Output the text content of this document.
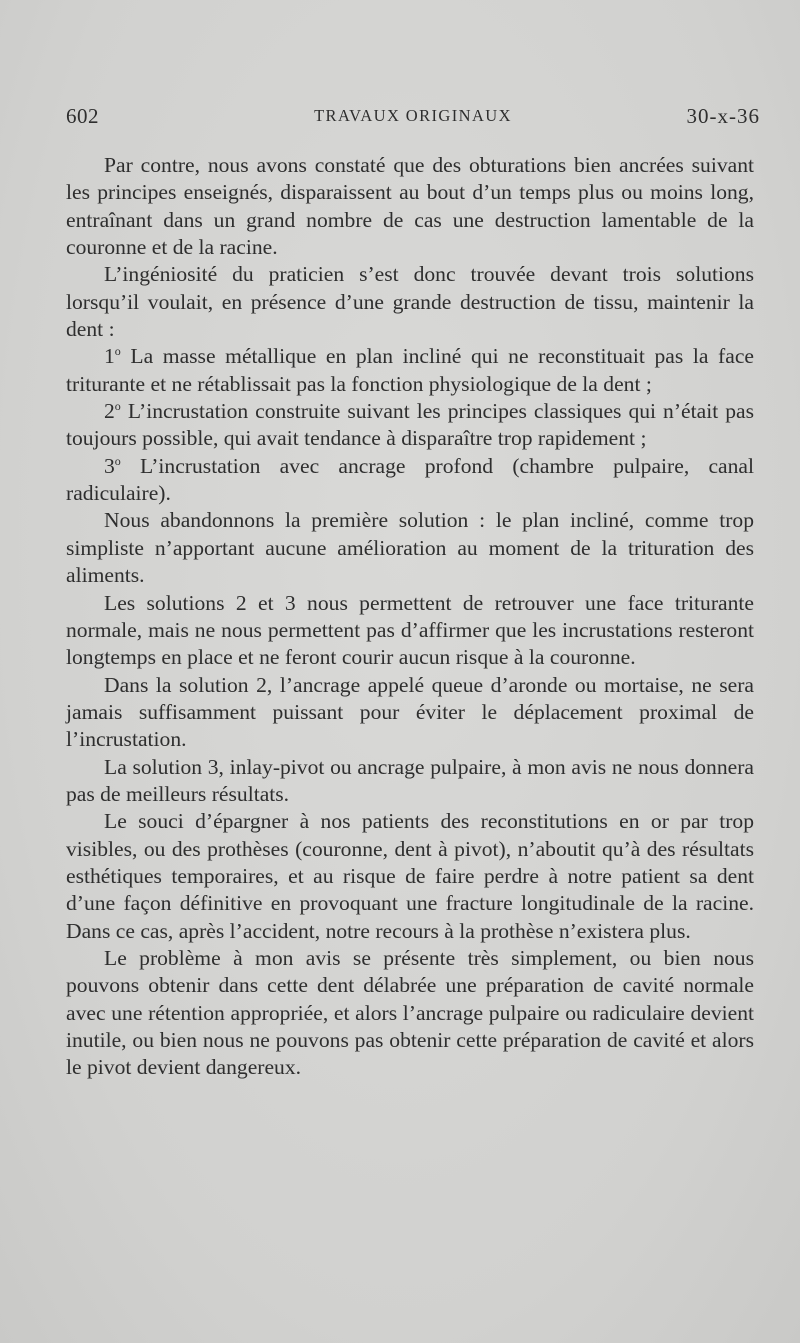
602	TRAVAUX ORIGINAUX	30-x-36

Par contre, nous avons constaté que des obturations bien ancrées suivant les principes enseignés, disparaissent au bout d’un temps plus ou moins long, entraînant dans un grand nombre de cas une destruction lamentable de la couronne et de la racine.

L’ingéniosité du praticien s’est donc trouvée devant trois solutions lorsqu’il voulait, en présence d’une grande destruction de tissu, maintenir la dent :

1$^o$ La masse métallique en plan incliné qui ne reconstituait pas la face triturante et ne rétablissait pas la fonction physiologique de la dent ;

2$^o$ L’incrustation construite suivant les principes classiques qui n’était pas toujours possible, qui avait tendance à disparaître trop rapidement ;

3$^o$ L’incrustation avec ancrage profond (chambre pulpaire, canal radiculaire).

Nous abandonnons la première solution : le plan incliné, comme trop simpliste n’apportant aucune amélioration au moment de la trituration des aliments.

Les solutions 2 et 3 nous permettent de retrouver une face triturante normale, mais ne nous permettent pas d’affirmer que les incrustations resteront longtemps en place et ne feront courir aucun risque à la couronne.

Dans la solution 2, l’ancrage appelé queue d’aronde ou mortaise, ne sera jamais suffisamment puissant pour éviter le déplacement proximal de l’incrustation.

La solution 3, inlay-pivot ou ancrage pulpaire, à mon avis ne nous donnera pas de meilleurs résultats.

Le souci d’épargner à nos patients des reconstitutions en or par trop visibles, ou des prothèses (couronne, dent à pivot), n’aboutit qu’à des résultats esthétiques temporaires, et au risque de faire perdre à notre patient sa dent d’une façon définitive en provoquant une fracture longitudinale de la racine. Dans ce cas, après l’accident, notre recours à la prothèse n’existera plus.

Le problème à mon avis se présente très simplement, ou bien nous pouvons obtenir dans cette dent délabrée une préparation de cavité normale avec une rétention appropriée, et alors l’ancrage pulpaire ou radiculaire devient inutile, ou bien nous ne pouvons pas obtenir cette préparation de cavité et alors le pivot devient dangereux.
